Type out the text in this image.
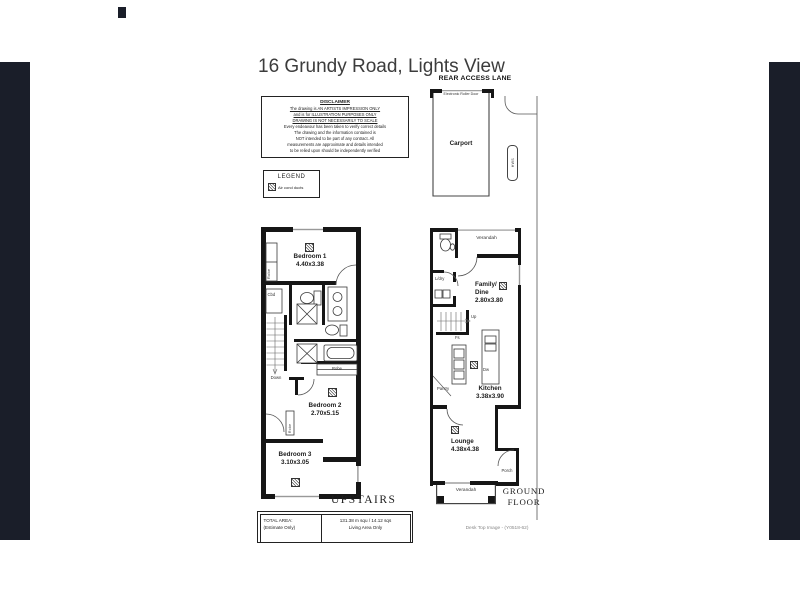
16 Grundy Road, Lights View
DISCLAIMER
The drawing is AN ARTISTS IMPRESSION ONLY
and is for ILLUSTRATION PURPOSES ONLY
DRAWING IS NOT NECESSARILY TO SCALE
Every endeavour has been taken to verify correct details
The drawing and the information contained is
NOT intended to be part of any contract. All
measurements are approximate and details intended
to be relied upon should be independently verified
LEGEND
Air cond ducts
Robe
Bedroom 1
4.40x3.38
Cbd
Down
Robe
Robe
Bedroom 2
2.70x5.15
Bedroom 3
3.10x3.05
UPSTAIRS
REAR ACCESS LANE
Electronic Roller Door
Carport
HWS
Verandah
L/dry
Family/
Dine
2.80x3.80
Up
Fs
Dw
Pantry	Kitchen
3.38x3.90
Lounge
4.38x4.38
Porch
Verandah	GROUND FLOOR
TOTAL AREA:
(Estimate Only)
131.38 m squ / 14.12 sqs
Living Area Only	Desk Top Image - (Y0518-62)
